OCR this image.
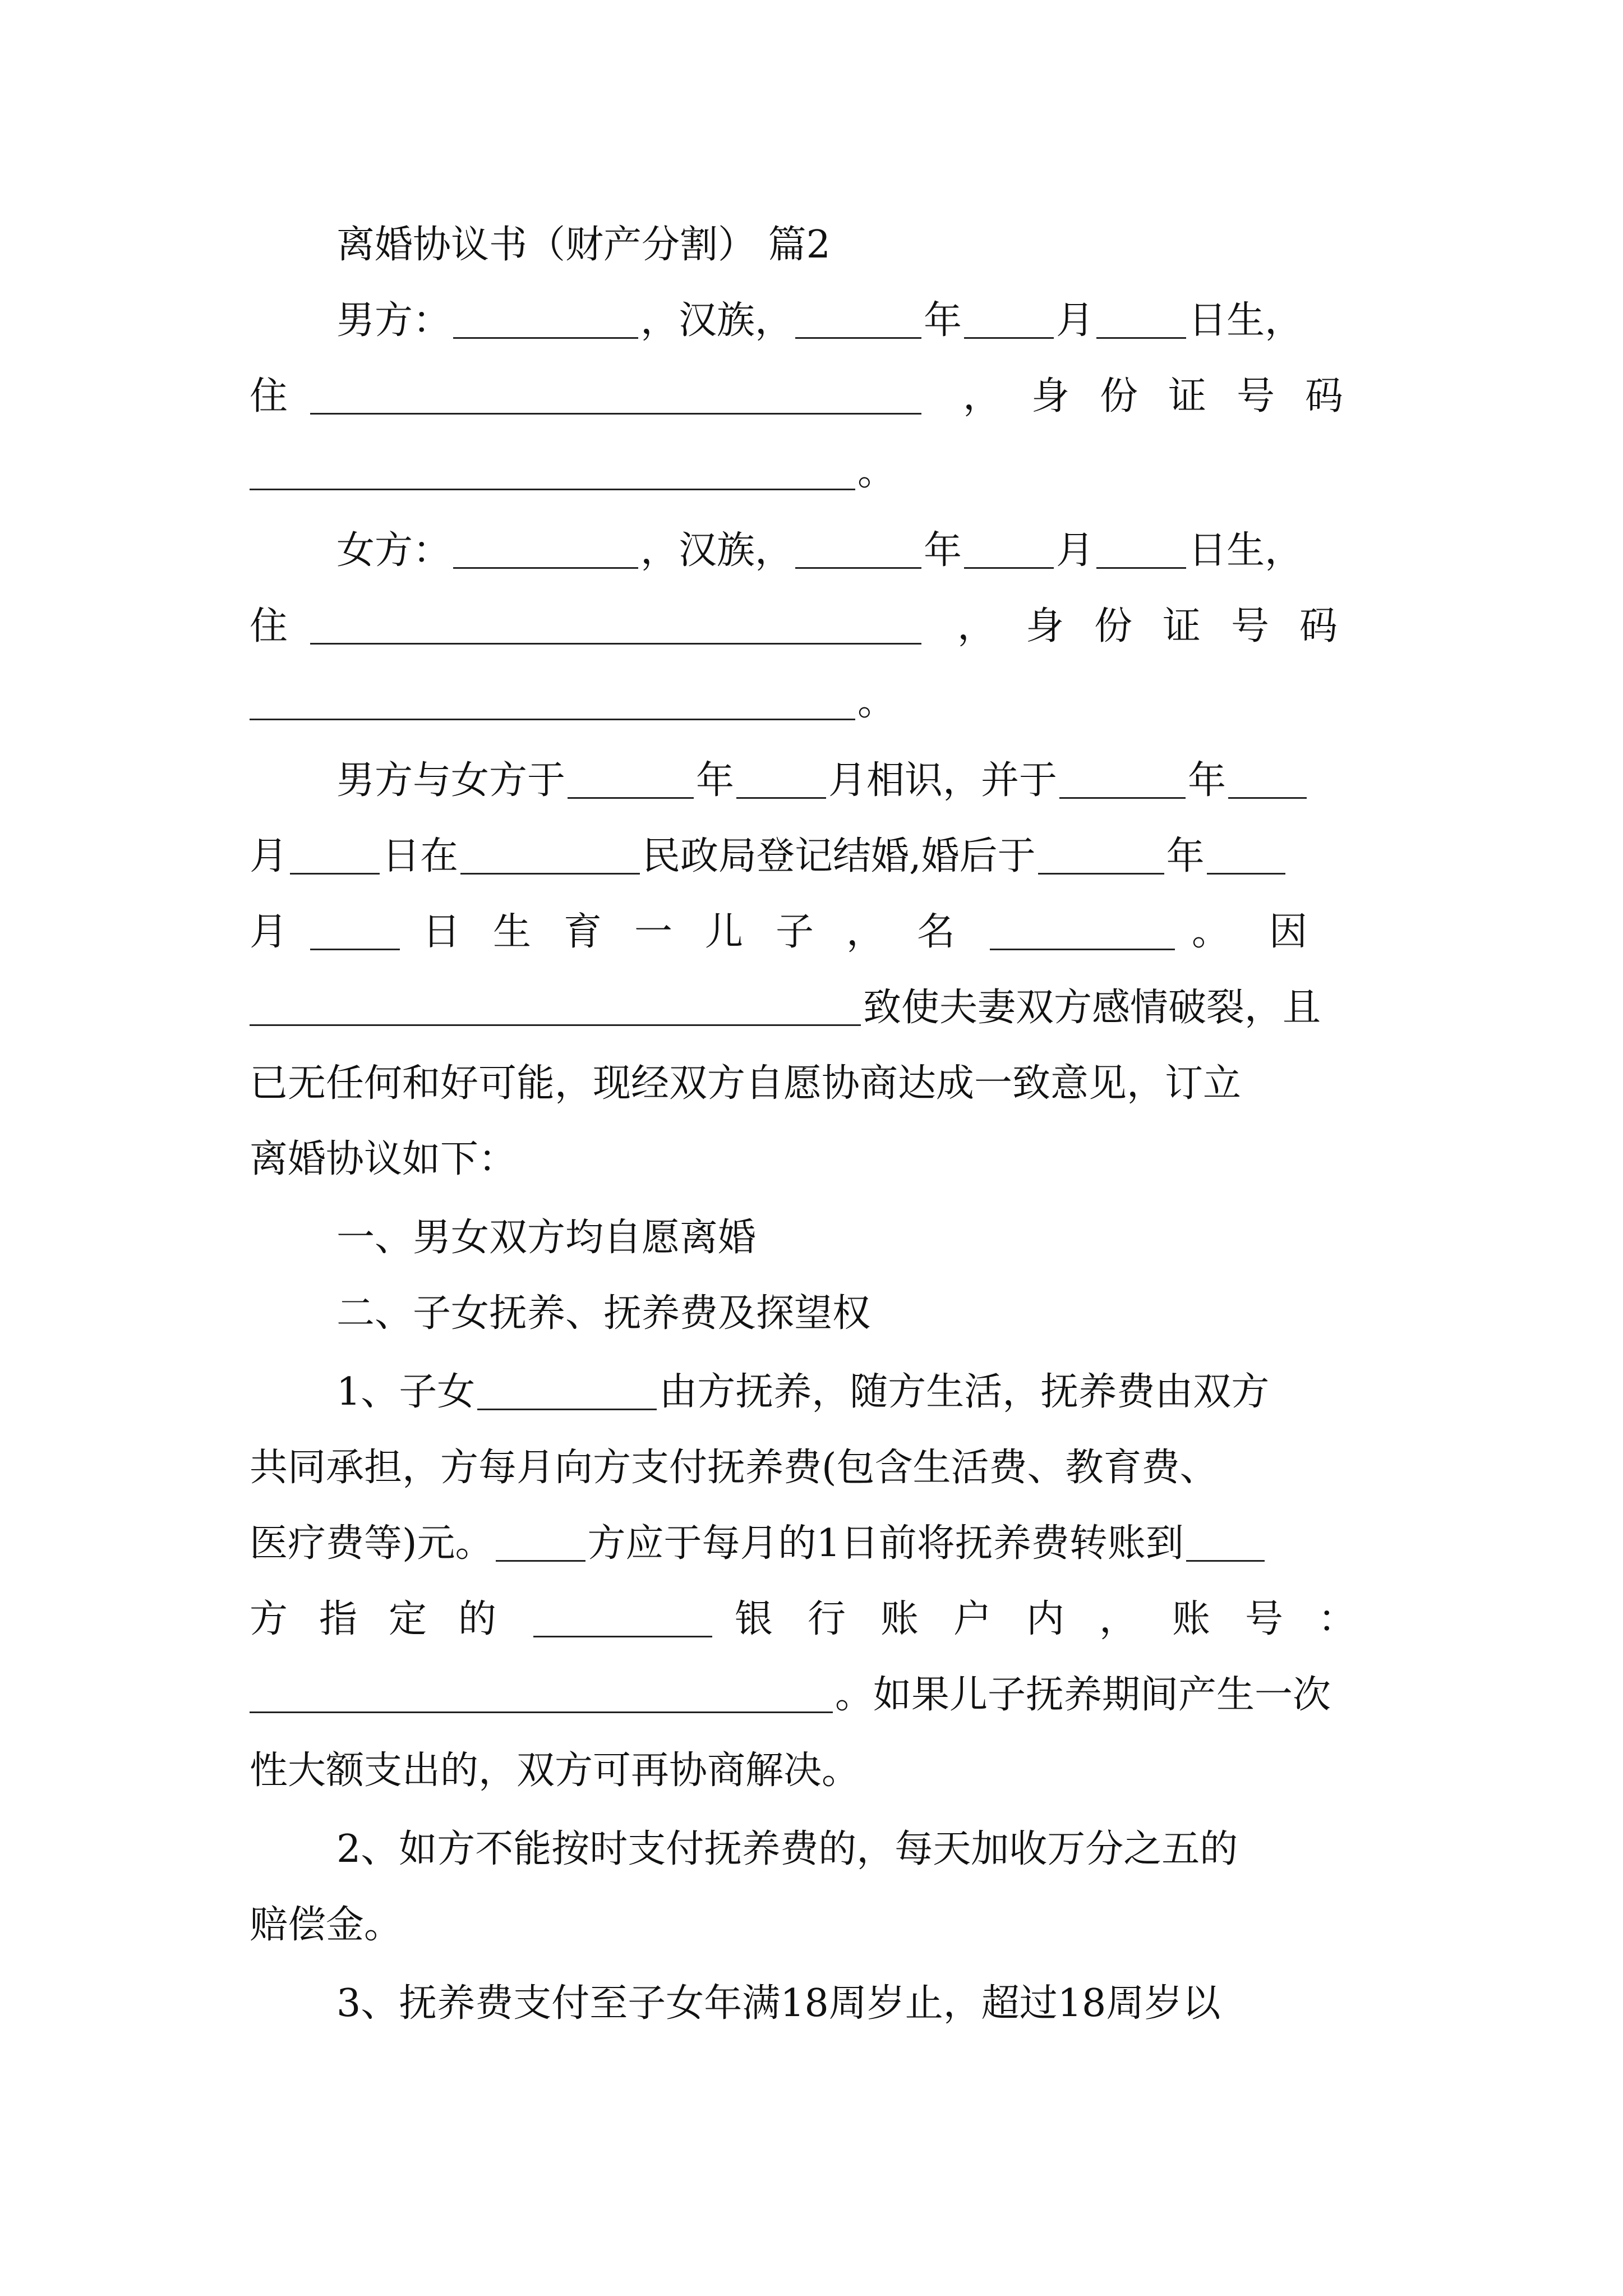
离婚协议书（财产分割） 篇2
男方：	，汉族，	年 月 日生，
住	，身份证号码
。
女方：	，汉族，	年 月 日生，
住	，身份证号码
。
男方与女方于	年 月相识，并于	年
月 日在	民政局登记结婚,婚后于	年
月	日生育一儿子，名	。因
致使夫妻双方感情破裂，且
已无任何和好可能，现经双方自愿协商达成一致意见，订立
离婚协议如下：
一、男女双方均自愿离婚
二、子女抚养、抚养费及探望权
1、子女	由方抚养，随方生活，抚养费由双方
共同承担，方每月向方支付抚养费(包含生活费、教育费、
医疗费等)元。 方应于每月的1日前将抚养费转账到
方指定的	银行账户内，账号：
。如果儿子抚养期间产生一次
性大额支出的，双方可再协商解决。
2、如方不能按时支付抚养费的，每天加收万分之五的
赔偿金。
3、抚养费支付至子女年满18周岁止，超过18周岁以
